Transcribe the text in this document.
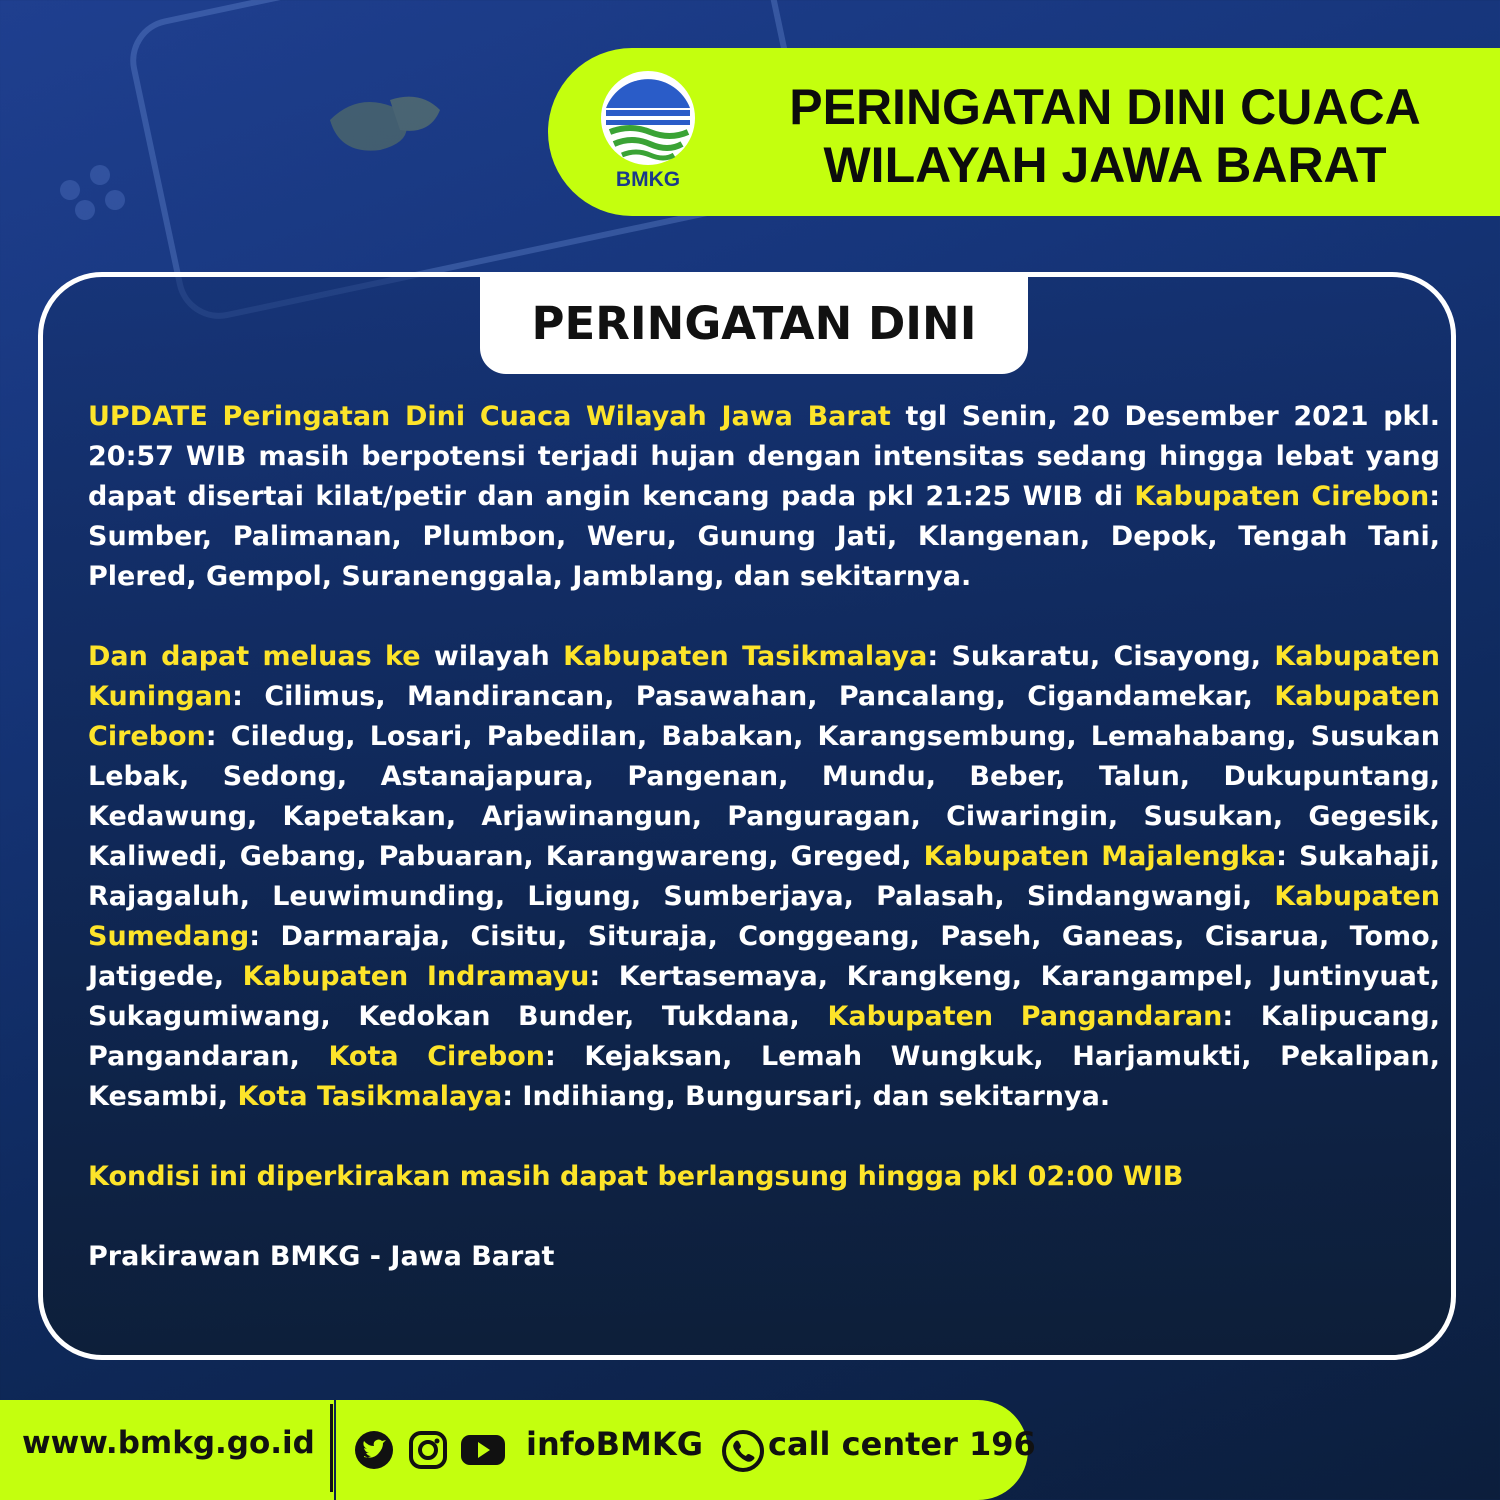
BMKG
PERINGATAN DINI CUACA
WILAYAH JAWA BARAT
PERINGATAN DINI

UPDATE Peringatan Dini Cuaca Wilayah Jawa Barat tgl Senin, 20 Desember 2021 pkl. 20:57 WIB masih berpotensi terjadi hujan dengan intensitas sedang hingga lebat yang dapat disertai kilat/petir dan angin kencang pada pkl 21:25 WIB di Kabupaten Cirebon: Sumber, Palimanan, Plumbon, Weru, Gunung Jati, Klangenan, Depok, Tengah Tani, Plered, Gempol, Suranenggala, Jamblang, dan sekitarnya.

Dan dapat meluas ke wilayah Kabupaten Tasikmalaya: Sukaratu, Cisayong, Kabupaten Kuningan: Cilimus, Mandirancan, Pasawahan, Pancalang, Cigandamekar, Kabupaten Cirebon: Ciledug, Losari, Pabedilan, Babakan, Karangsembung, Lemahabang, Susukan Lebak, Sedong, Astanajapura, Pangenan, Mundu, Beber, Talun, Dukupuntang, Kedawung, Kapetakan, Arjawinangun, Panguragan, Ciwaringin, Susukan, Gegesik, Kaliwedi, Gebang, Pabuaran, Karangwareng, Greged, Kabupaten Majalengka: Sukahaji, Rajagaluh, Leuwimunding, Ligung, Sumberjaya, Palasah, Sindangwangi, Kabupaten Sumedang: Darmaraja, Cisitu, Situraja, Conggeang, Paseh, Ganeas, Cisarua, Tomo, Jatigede, Kabupaten Indramayu: Kertasemaya, Krangkeng, Karangampel, Juntinyuat, Sukagumiwang, Kedokan Bunder, Tukdana, Kabupaten Pangandaran: Kalipucang, Pangandaran, Kota Cirebon: Kejaksan, Lemah Wungkuk, Harjamukti, Pekalipan, Kesambi, Kota Tasikmalaya: Indihiang, Bungursari, dan sekitarnya.

Kondisi ini diperkirakan masih dapat berlangsung hingga pkl 02:00 WIB

Prakirawan BMKG - Jawa Barat

www.bmkg.go.id	infoBMKG call center 196
